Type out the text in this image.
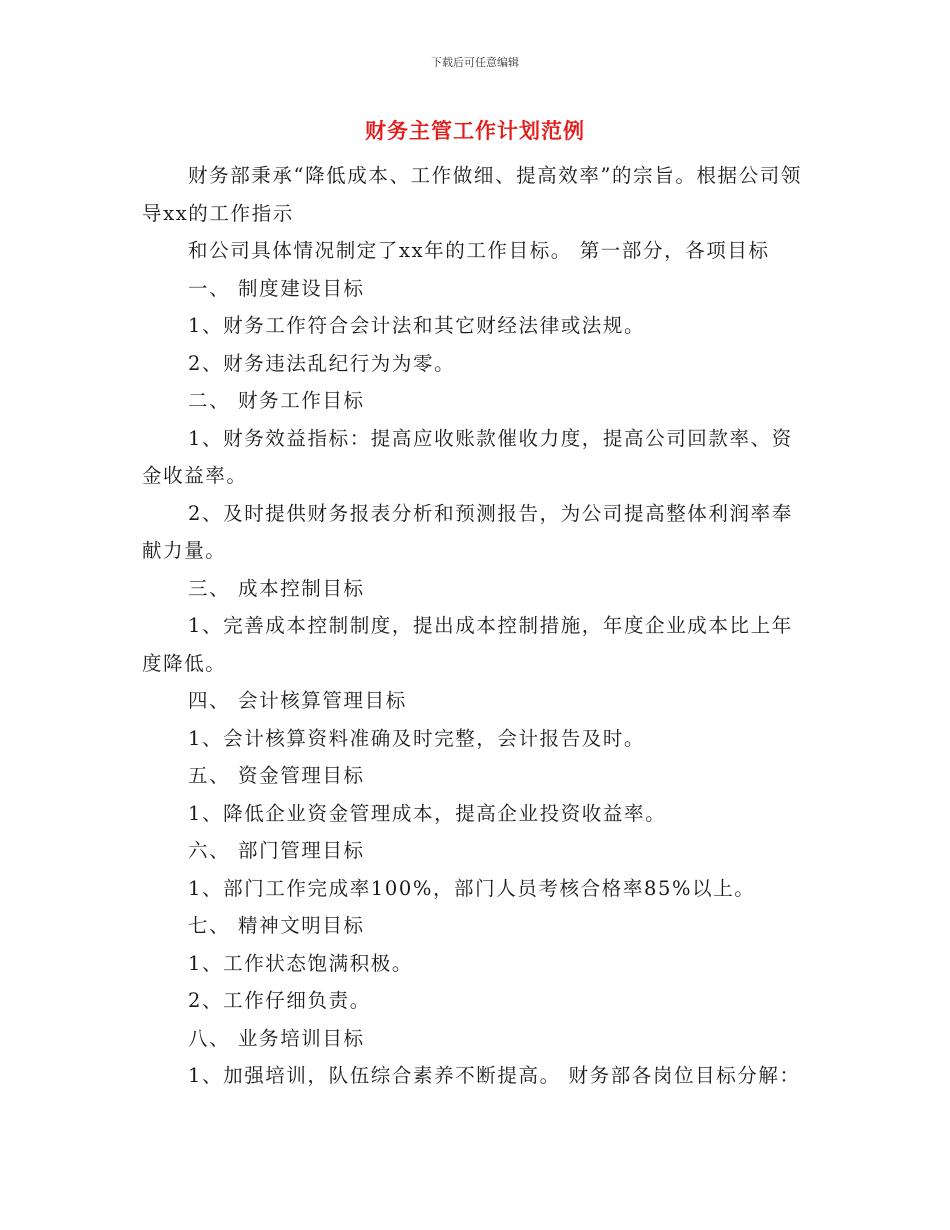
下载后可任意编辑
财务主管工作计划范例

财务部秉承“降低成本、工作做细、提高效率”的宗旨。根据公司领导xx的工作指示

和公司具体情况制定了xx年的工作目标。 第一部分，各项目标

一、 制度建设目标

1、财务工作符合会计法和其它财经法律或法规。

2、财务违法乱纪行为为零。

二、 财务工作目标

1、财务效益指标：提高应收账款催收力度，提高公司回款率、资金收益率。

2、及时提供财务报表分析和预测报告，为公司提高整体利润率奉献力量。

三、 成本控制目标

1、完善成本控制制度，提出成本控制措施，年度企业成本比上年度降低。

四、 会计核算管理目标

1、会计核算资料准确及时完整，会计报告及时。

五、 资金管理目标

1、降低企业资金管理成本，提高企业投资收益率。

六、 部门管理目标

1、部门工作完成率100%，部门人员考核合格率85%以上。

七、 精神文明目标

1、工作状态饱满积极。

2、工作仔细负责。

八、 业务培训目标

1、加强培训，队伍综合素养不断提高。 财务部各岗位目标分解：
